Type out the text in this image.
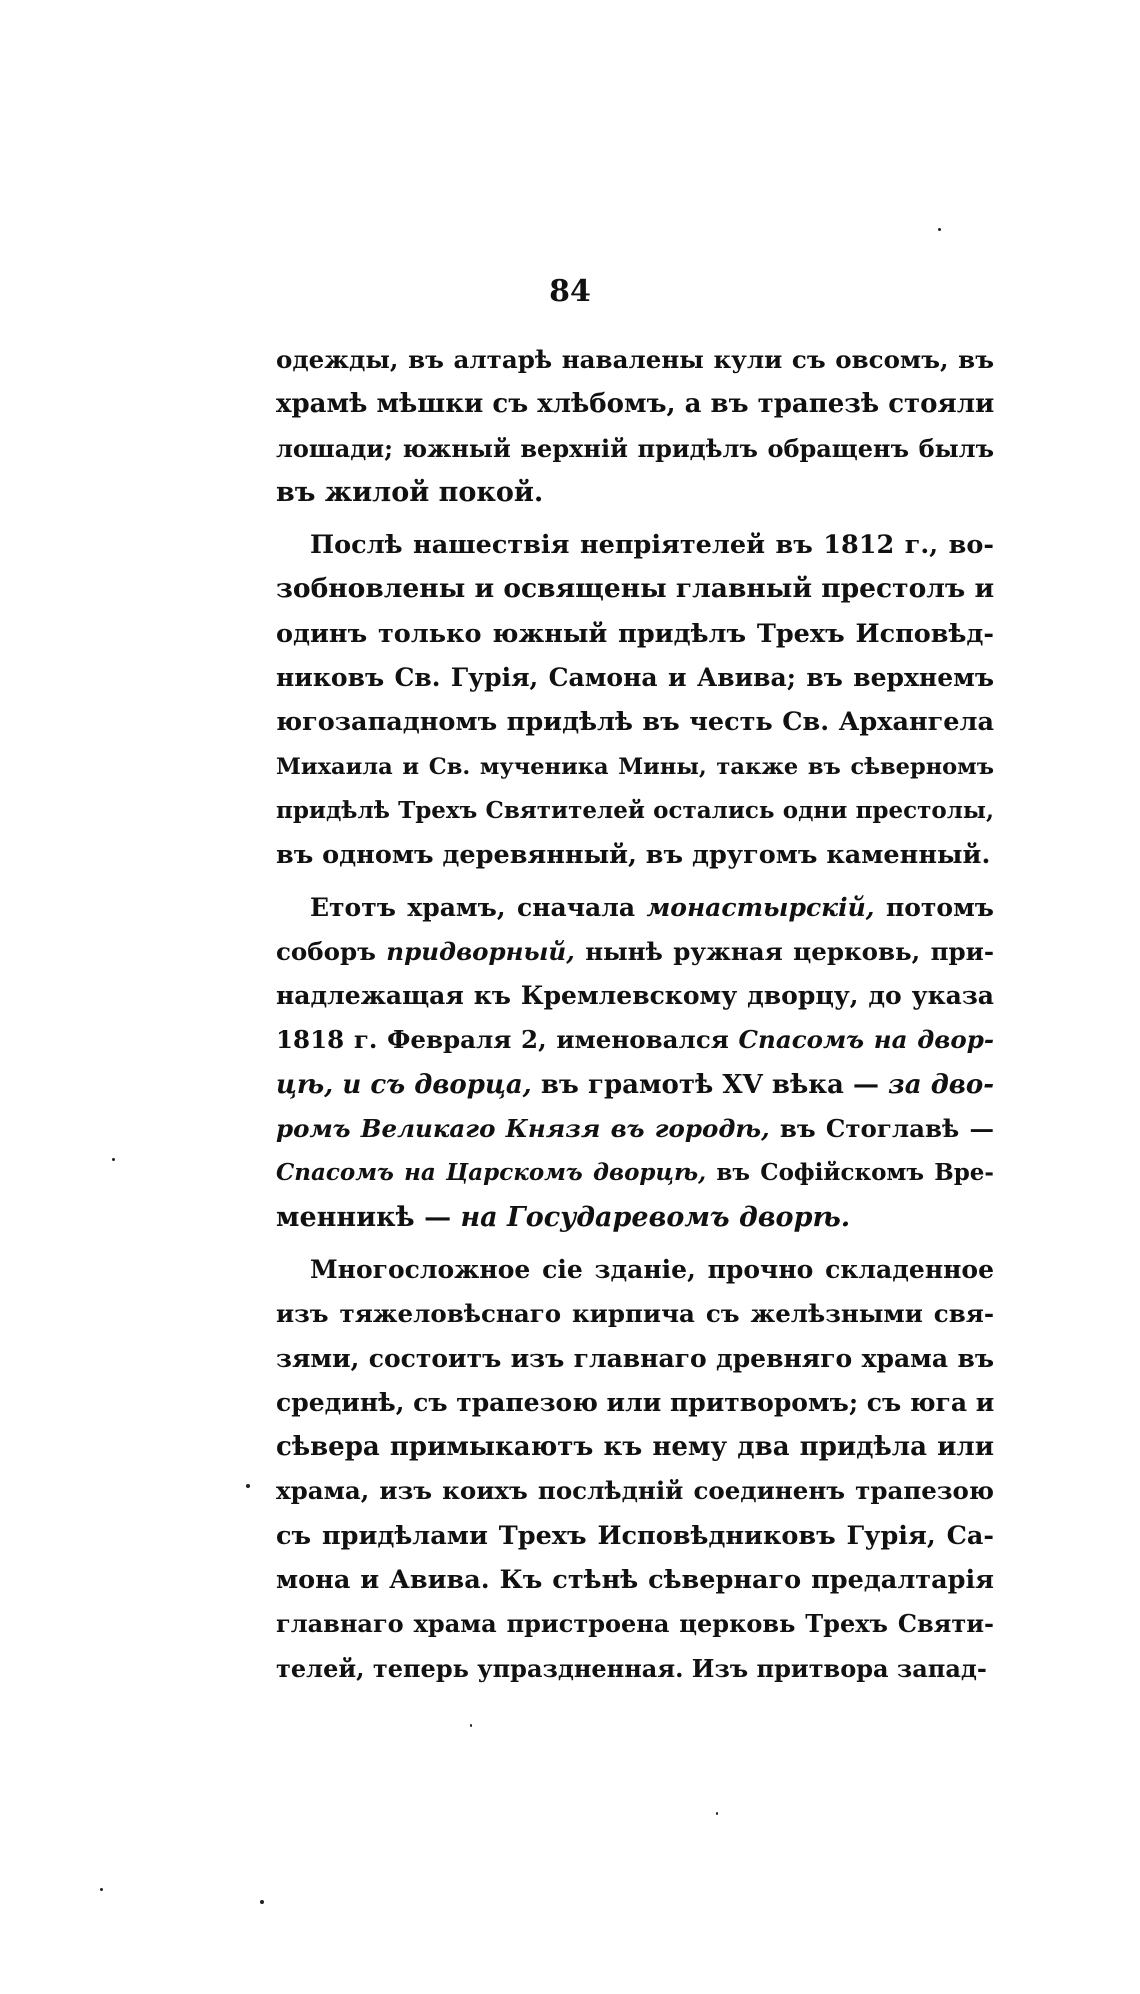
84
одежды, въ алтарѣ навалены кули съ овсомъ, въ
храмѣ мѣшки съ хлѣбомъ, а въ трапезѣ стояли
лошади; южный верхній придѣлъ обращенъ былъ
въ жилой покой.
Послѣ нашествія непріятелей въ 1812 г., во-
зобновлены и освящены главный престолъ и
одинъ только южный придѣлъ Трехъ Исповѣд-
никовъ Св. Гурія, Самона и Авива; въ верхнемъ
югозападномъ придѣлѣ въ честь Св. Архангела
Михаила и Св. мученика Мины, также въ сѣверномъ
придѣлѣ Трехъ Святителей остались одни престолы,
въ одномъ деревянный, въ другомъ каменный.
Етотъ храмъ, сначала монастырскій, потомъ
соборъ придворный, нынѣ ружная церковь, при-
надлежащая къ Кремлевскому дворцу, до указа
1818 г. Февраля 2, именовался Спасомъ на двор-
цѣ, и съ дворца, въ грамотѣ XV вѣка — за дво-
ромъ Великаго Князя въ городѣ, въ Стоглавѣ —
Спасомъ на Царскомъ дворцѣ, въ Софійскомъ Вре-
менникѣ — на Государевомъ дворѣ.
Многосложное сіе зданіе, прочно складенное
изъ тяжеловѣснаго кирпича съ желѣзными свя-
зями, состоитъ изъ главнаго древняго храма въ
срединѣ, съ трапезою или притворомъ; съ юга и
сѣвера примыкаютъ къ нему два придѣла или
храма, изъ коихъ послѣдній соединенъ трапезою
съ придѣлами Трехъ Исповѣдниковъ Гурія, Са-
мона и Авива. Къ стѣнѣ сѣвернаго предалтарія
главнаго храма пристроена церковь Трехъ Святи-
телей, теперь упраздненная. Изъ притвора запад-
